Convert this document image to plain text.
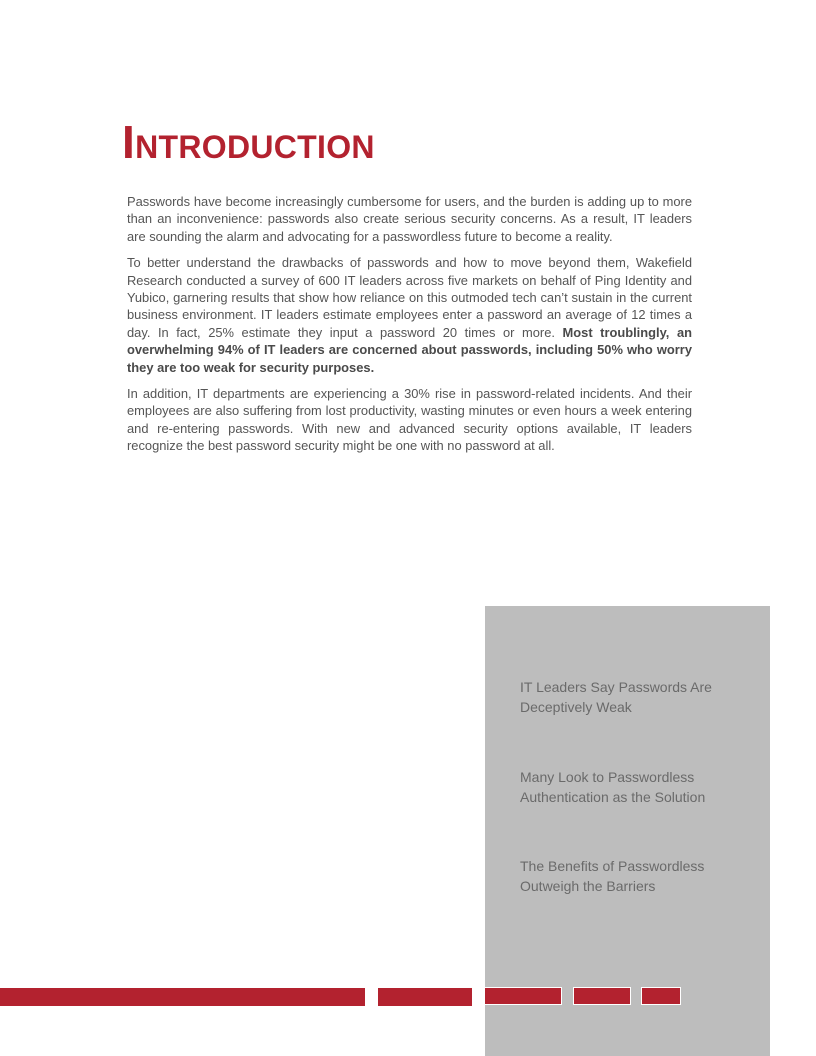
INTRODUCTION

Passwords have become increasingly cumbersome for users, and the burden is adding up to more than an inconvenience: passwords also create serious security concerns. As a result, IT leaders are sounding the alarm and advocating for a passwordless future to become a reality.

To better understand the drawbacks of passwords and how to move beyond them, Wakefield Research conducted a survey of 600 IT leaders across five markets on behalf of Ping Identity and Yubico, garnering results that show how reliance on this outmoded tech can’t sustain in the current business environment. IT leaders estimate employees enter a password an average of 12 times a day. In fact, 25% estimate they input a password 20 times or more. Most troublingly, an overwhelming 94% of IT leaders are concerned about passwords, including 50% who worry they are too weak for security purposes.

In addition, IT departments are experiencing a 30% rise in password-related incidents. And their employees are also suffering from lost productivity, wasting minutes or even hours a week entering and re-entering passwords. With new and advanced security options available, IT leaders recognize the best password security might be one with no password at all.

IT Leaders Say Passwords Are Deceptively Weak
Many Look to Passwordless Authentication as the Solution
The Benefits of Passwordless Outweigh the Barriers
